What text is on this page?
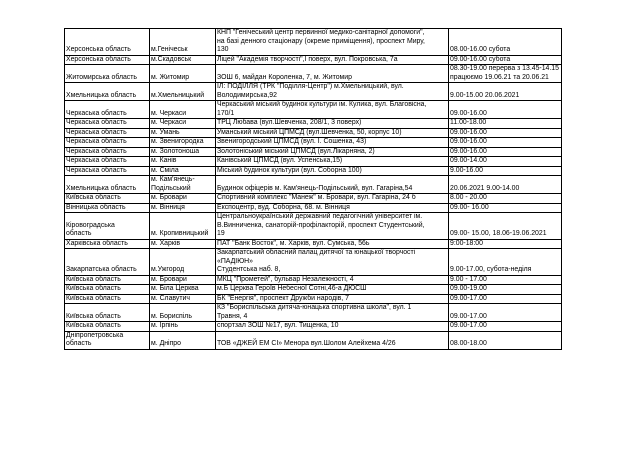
Херсонська область	м.Генічеськ	КНП "Генічеський центр первинної медико-санітарної допомоги",
на базі денного стаціонару (окреме приміщення), проспект Миру,
130	08.00-16.00 субота
Херсонська область	м.Скадовськ	Ліцей "Академія творчості",І поверх, вул. Покровська, 7а	09.00-16.00 субота
Житомирська область	м. Житомир	ЗОШ 6, майдан Короленка, 7, м. Житомир	08.30-19.00 перерва з 13.45-14.15
працюємо 19.06.21 та 20.06.21
Хмельницька область	м.Хмельницький	ІЛ: ПОДІЛЛЯ (ТРК "Поділля-Центр") м.Хмельницький, вул.
Володимирська,92	9.00-15.00 20.06.2021
Черкаська область	м. Черкаси	Черкаський міський будинок культури ім. Кулика, вул. Благовісна,
170/1	09.00-16.00
Черкаська область	м. Черкаси	ТРЦ Любава (вул.Шевченка, 208/1, 3 поверх)	11.00-18.00
Черкаська область	м. Умань	Уманський міський ЦПМСД (вул.Шевченка, 50, корпус 10)	09.00-16.00
Черкаська область	м. Звенигородка	Звенигородський ЦПМСД (вул. І. Сошенка, 43)	09.00-16.00
Черкаська область	м. Золотоноша	Золотоніський міський ЦПМСД (вул.Лікарняна, 2)	09.00-16.00
Черкаська область	м. Канів	Канівський ЦПМСД (вул. Успенська,15)	09.00-14.00
Черкаська область	м. Сміла	Міський будинок культури (вул. Соборна 100)	9.00-16.00
Хмельницька область	м. Кам'янець-
Подільський	Будинок офіцерів м. Кам'янець-Подільський, вул. Гагаріна,54	20.06.2021 9.00-14.00
Київська область	м. Бровари	Спортивний комплекс "Манеж" м. Бровари, вул. Гагаріна, 24 б	8.00 - 20.00
Вінницька область	м. Вінниця	Експоцентр, вуд. Соборна, 68. м. Вінниця	09.00- 16.00
Кіровоградська
область	м. Кропивницький	Центральноукраїнський державний педагогічний університет ім.
В.Винниченка, санаторій-профілакторій, проспект Студентський,
19	09.00- 15.00, 18.06-19.06.2021
Харківська область	м. Харків	ПАТ "Банк Восток", м. Харків, вул. Сумська, 56ь	9:00-18:00
Закарпатська область	м.Ужгород	Закарпатський обласний палац дитячої та юнацької творчості
«ПАДІЮН»
Студентська наб. 8,	9.00-17.00, субота-неділя
Київська область	м. Бровари	МКЦ "Прометей", бульвар Незалежності, 4	9.00 - 17.00
Київська область	м. Біла Церква	м.Б Церква Героїв Небесної Сотні,46-а ДЮСШ	09.00-19.00
Київська область	м. Славутич	БК "Енергія", проспект Дружби народів, 7	09.00-17.00
Київська область	м. Бориспіль	КЗ "Бориспільська дитяча-юнацька спортивна школа", вул. 1
Травня, 4	09.00-17.00
Київська область	м. Ірпінь	спортзал ЗОШ №17, вул. Тищенка, 10	09.00-17.00
Дніпропетровська область	м. Дніпро	ТОВ «ДЖЕЙ ЕМ СІ» Менора вул.Шолом Алейхема 4/26	08.00-18.00
